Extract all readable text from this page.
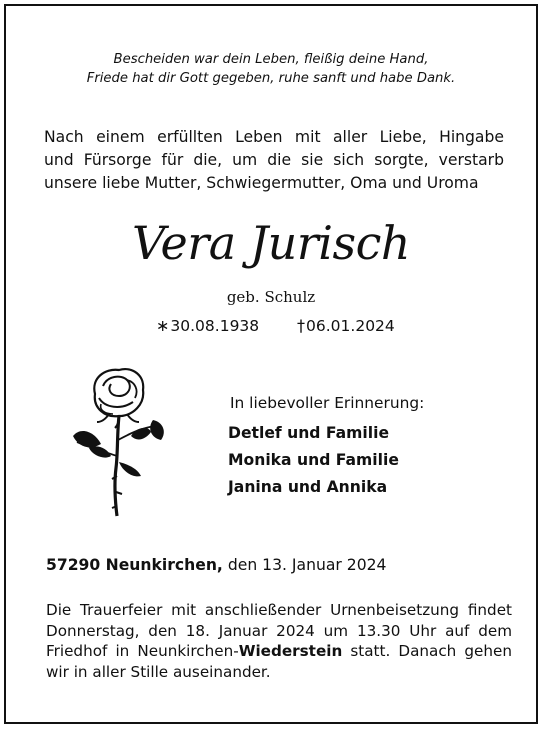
Bescheiden war dein Leben, fleißig deine Hand,
Friede hat dir Gott gegeben, ruhe sanft und habe Dank.
Nach einem erfüllten Leben mit aller Liebe, Hingabe
und Fürsorge für die, um die sie sich sorgte, verstarb
unsere liebe Mutter, Schwiegermutter, Oma und Uroma
Vera Jurisch
geb. Schulz
∗30.08.1938 †06.01.2024
In liebevoller Erinnerung:
Detlef und Familie
Monika und Familie
Janina und Annika
57290 Neunkirchen, den 13. Januar 2024
Die Trauerfeier mit anschließender Urnenbeisetzung findet
Donnerstag, den 18. Januar 2024 um 13.30 Uhr auf dem
Friedhof in Neunkirchen-Wiederstein statt. Danach gehen
wir in aller Stille auseinander.
